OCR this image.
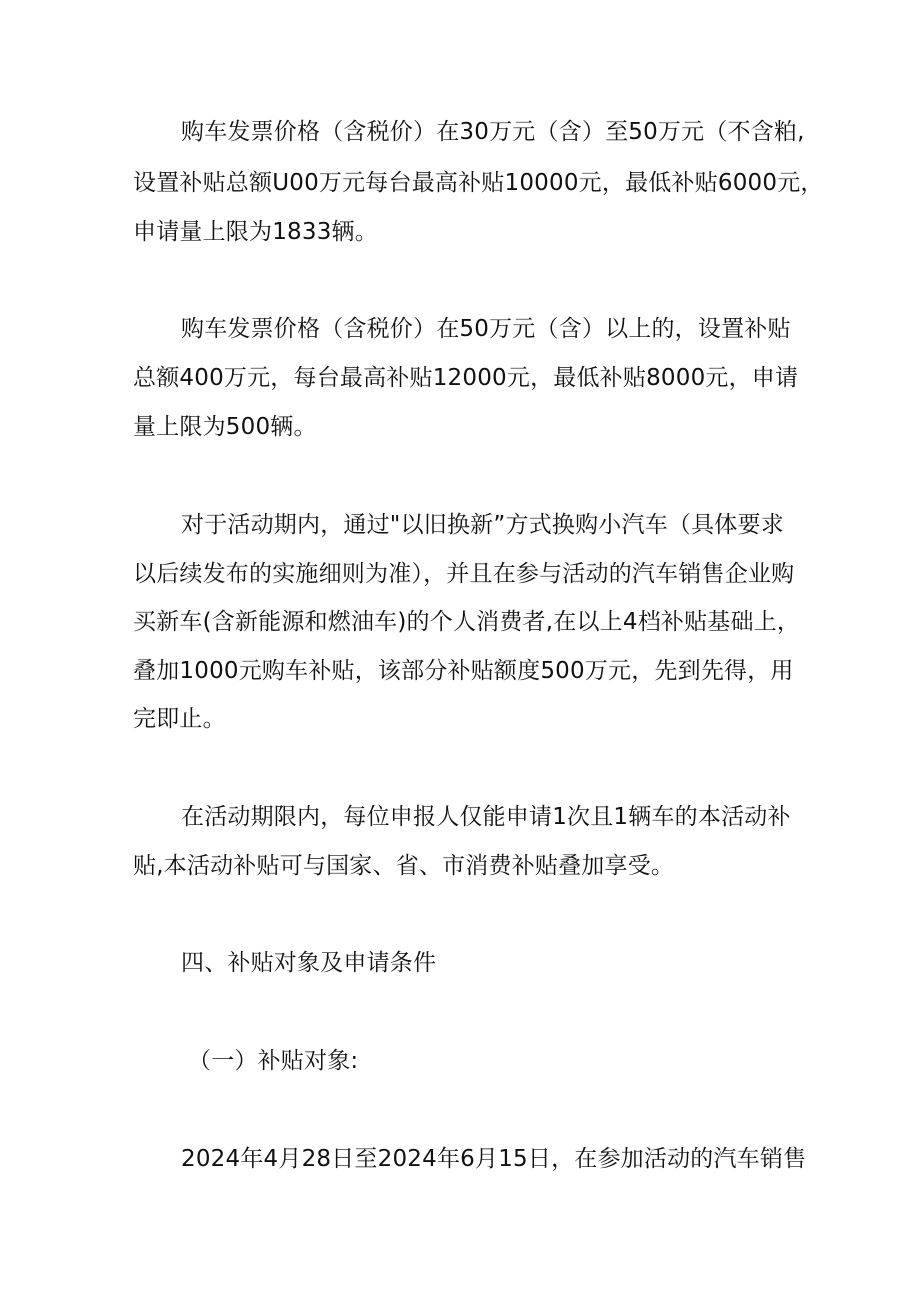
购车发票价格（含税价）在30万元（含）至50万元（不含粕,
设置补贴总额U00万元每台最高补贴10000元，最低补贴6000元，
申请量上限为1833辆。
购车发票价格（含税价）在50万元（含）以上的，设置补贴
总额400万元，每台最高补贴12000元，最低补贴8000元，申请
量上限为500辆。
对于活动期内，通过"以旧换新”方式换购小汽车（具体要求
以后续发布的实施细则为准），并且在参与活动的汽车销售企业购
买新车(含新能源和燃油车)的个人消费者,在以上4档补贴基础上，
叠加1000元购车补贴，该部分补贴额度500万元，先到先得，用
完即止。
在活动期限内，每位申报人仅能申请1次且1辆车的本活动补
贴,本活动补贴可与国家、省、市消费补贴叠加享受。
四、补贴对象及申请条件
（一）补贴对象:
2024年4月28日至2024年6月15日，在参加活动的汽车销售
